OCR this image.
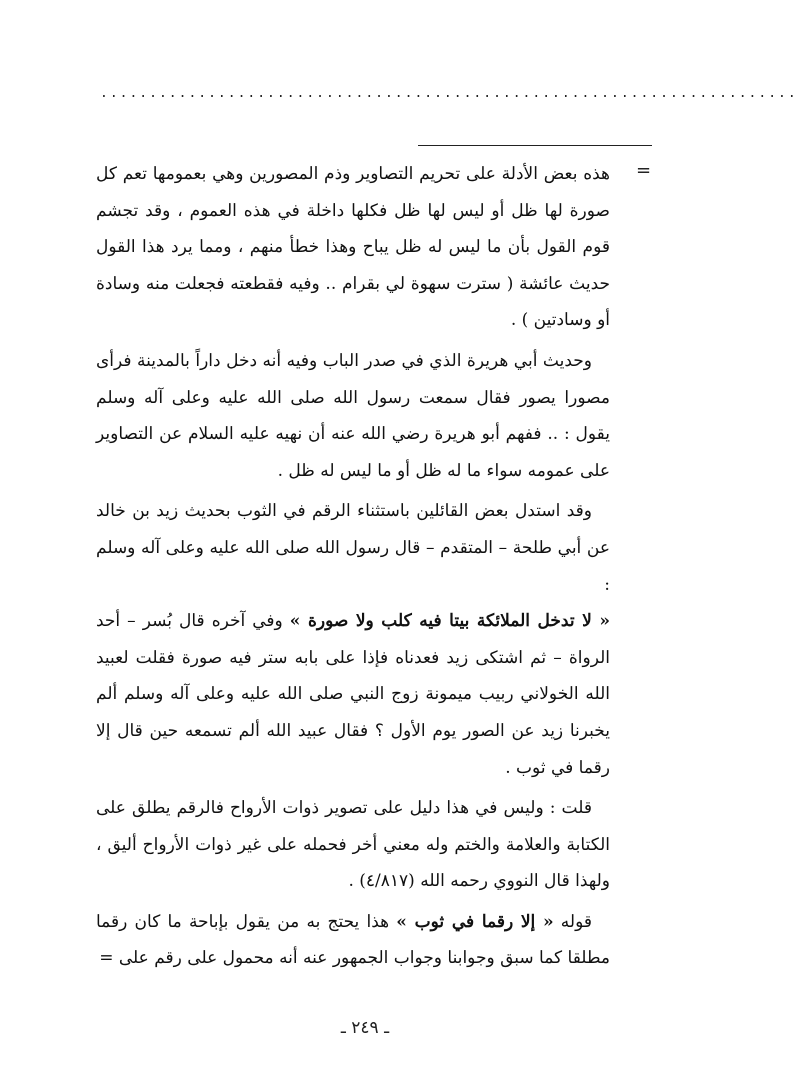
.......................................................................
=

هذه بعض الأدلة على تحريم التصاوير وذم المصورين وهي بعمومها تعم كل صورة لها ظل أو ليس لها ظل فكلها داخلة في هذه العموم ، وقد تجشم قوم القول بأن ما ليس له ظل يباح وهذا خطأ منهم ، ومما يرد هذا القول حديث عائشة ( سترت سهوة لي بقرام .. وفيه فقطعته فجعلت منه وسادة أو وسادتين ) .

وحديث أبي هريرة الذي في صدر الباب وفيه أنه دخل داراً بالمدينة فرأى مصورا يصور فقال سمعت رسول الله صلى الله عليه وعلى آله وسلم يقول : .. ففهم أبو هريرة رضي الله عنه أن نهيه عليه السلام عن التصاوير على عمومه سواء ما له ظل أو ما ليس له ظل .

وقد استدل بعض القائلين باستثناء الرقم في الثوب بحديث زيد بن خالد عن أبي طلحة – المتقدم – قال رسول الله صلى الله عليه وعلى آله وسلم :
« لا تدخل الملائكة بيتا فيه كلب ولا صورة » وفي آخره قال بُسر – أحد الرواة – ثم اشتكى زيد فعدناه فإذا على بابه ستر فيه صورة فقلت لعبيد الله الخولاني ربيب ميمونة زوج النبي صلى الله عليه وعلى آله وسلم ألم يخبرنا زيد عن الصور يوم الأول ؟ فقال عبيد الله ألم تسمعه حين قال إلا رقما في ثوب .

قلت : وليس في هذا دليل على تصوير ذوات الأرواح فالرقم يطلق على الكتابة والعلامة والختم وله معني أخر فحمله على غير ذوات الأرواح أليق ، ولهذا قال النووي رحمه الله (٤/٨١٧) .

قوله « إلا رقما في ثوب » هذا يحتج به من يقول بإباحة ما كان رقما مطلقا كما سبق وجوابنا وجواب الجمهور عنه أنه محمول على رقم على =

ـ ٢٤٩ ـ
